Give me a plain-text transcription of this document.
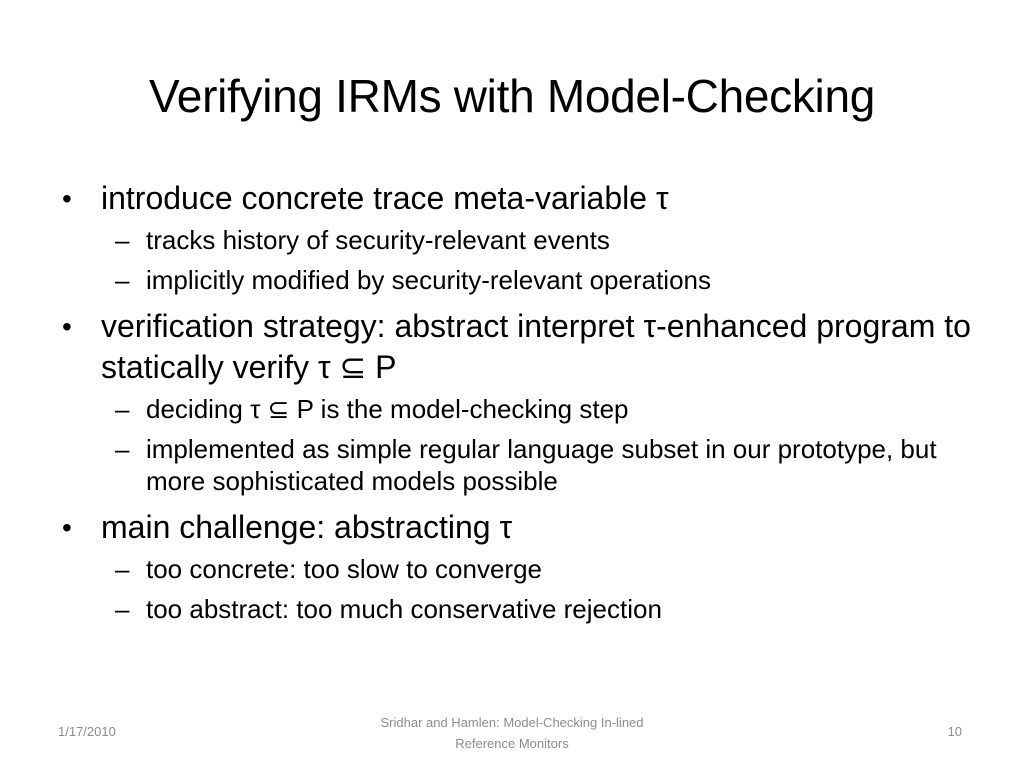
Verifying IRMs with Model-Checking
• introduce concrete trace meta-variable τ
– tracks history of security-relevant events
– implicitly modified by security-relevant operations
• verification strategy: abstract interpret τ-enhanced program to statically verify τ ⊆ P
– deciding τ ⊆ P is the model-checking step
– implemented as simple regular language subset in our prototype, but more sophisticated models possible
• main challenge: abstracting τ
– too concrete: too slow to converge
– too abstract: too much conservative rejection
1/17/2010
Sridhar and Hamlen: Model-Checking In-lined Reference Monitors
10
